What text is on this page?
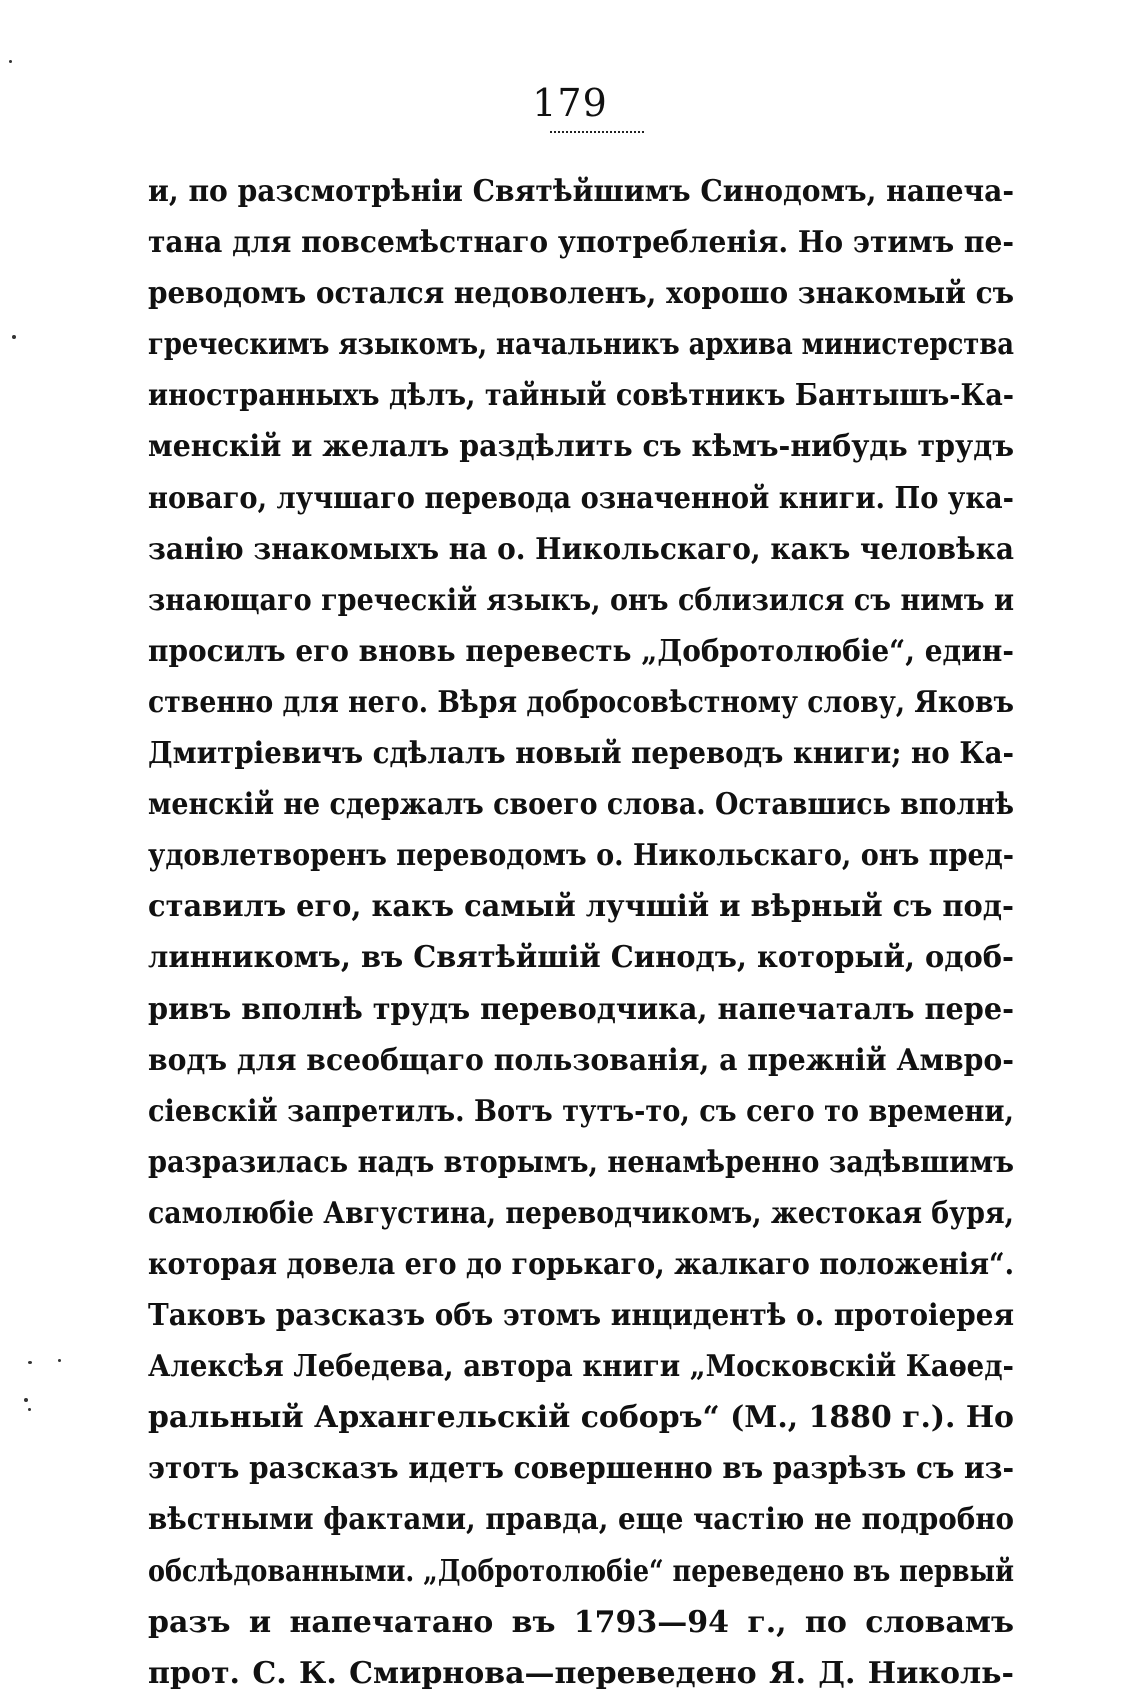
179
и, по разсмотрѣніи Святѣйшимъ Синодомъ, напеча-
тана для повсемѣстнаго употребленія. Но этимъ пе-
реводомъ остался недоволенъ, хорошо знакомый съ
греческимъ языкомъ, начальникъ архива министерства
иностранныхъ дѣлъ, тайный совѣтникъ Бантышъ-Ка-
менскій и желалъ раздѣлить съ кѣмъ-нибудь трудъ
новаго, лучшаго перевода означенной книги. По ука-
занію знакомыхъ на о. Никольскаго, какъ человѣка
знающаго греческій языкъ, онъ сблизился съ нимъ и
просилъ его вновь перевесть „Добротолюбіе“, един-
ственно для него. Вѣря добросовѣстному слову, Яковъ
Дмитріевичъ сдѣлалъ новый переводъ книги; но Ка-
менскій не сдержалъ своего слова. Оставшись вполнѣ
удовлетворенъ переводомъ о. Никольскаго, онъ пред-
ставилъ его, какъ самый лучшій и вѣрный съ под-
линникомъ, въ Святѣйшій Синодъ, который, одоб-
ривъ вполнѣ трудъ переводчика, напечаталъ пере-
водъ для всеобщаго пользованія, а прежній Амвро-
сіевскій запретилъ. Вотъ тутъ-то, съ сего то времени,
разразилась надъ вторымъ, ненамѣренно задѣвшимъ
самолюбіе Августина, переводчикомъ, жестокая буря,
которая довела его до горькаго, жалкаго положенія“.
Таковъ разсказъ объ этомъ инцидентѣ о. протоіерея
Алексѣя Лебедева, автора книги „Московскій Каѳед-
ральный Архангельскій соборъ“ (М., 1880 г.). Но
этотъ разсказъ идетъ совершенно въ разрѣзъ съ из-
вѣстными фактами, правда, еще частію не подробно
обслѣдованными. „Добротолюбіе“ переведено въ первый
разъ и напечатано въ 1793—94 г., по словамъ
прот. С. К. Смирнова—переведено Я. Д. Николь-
